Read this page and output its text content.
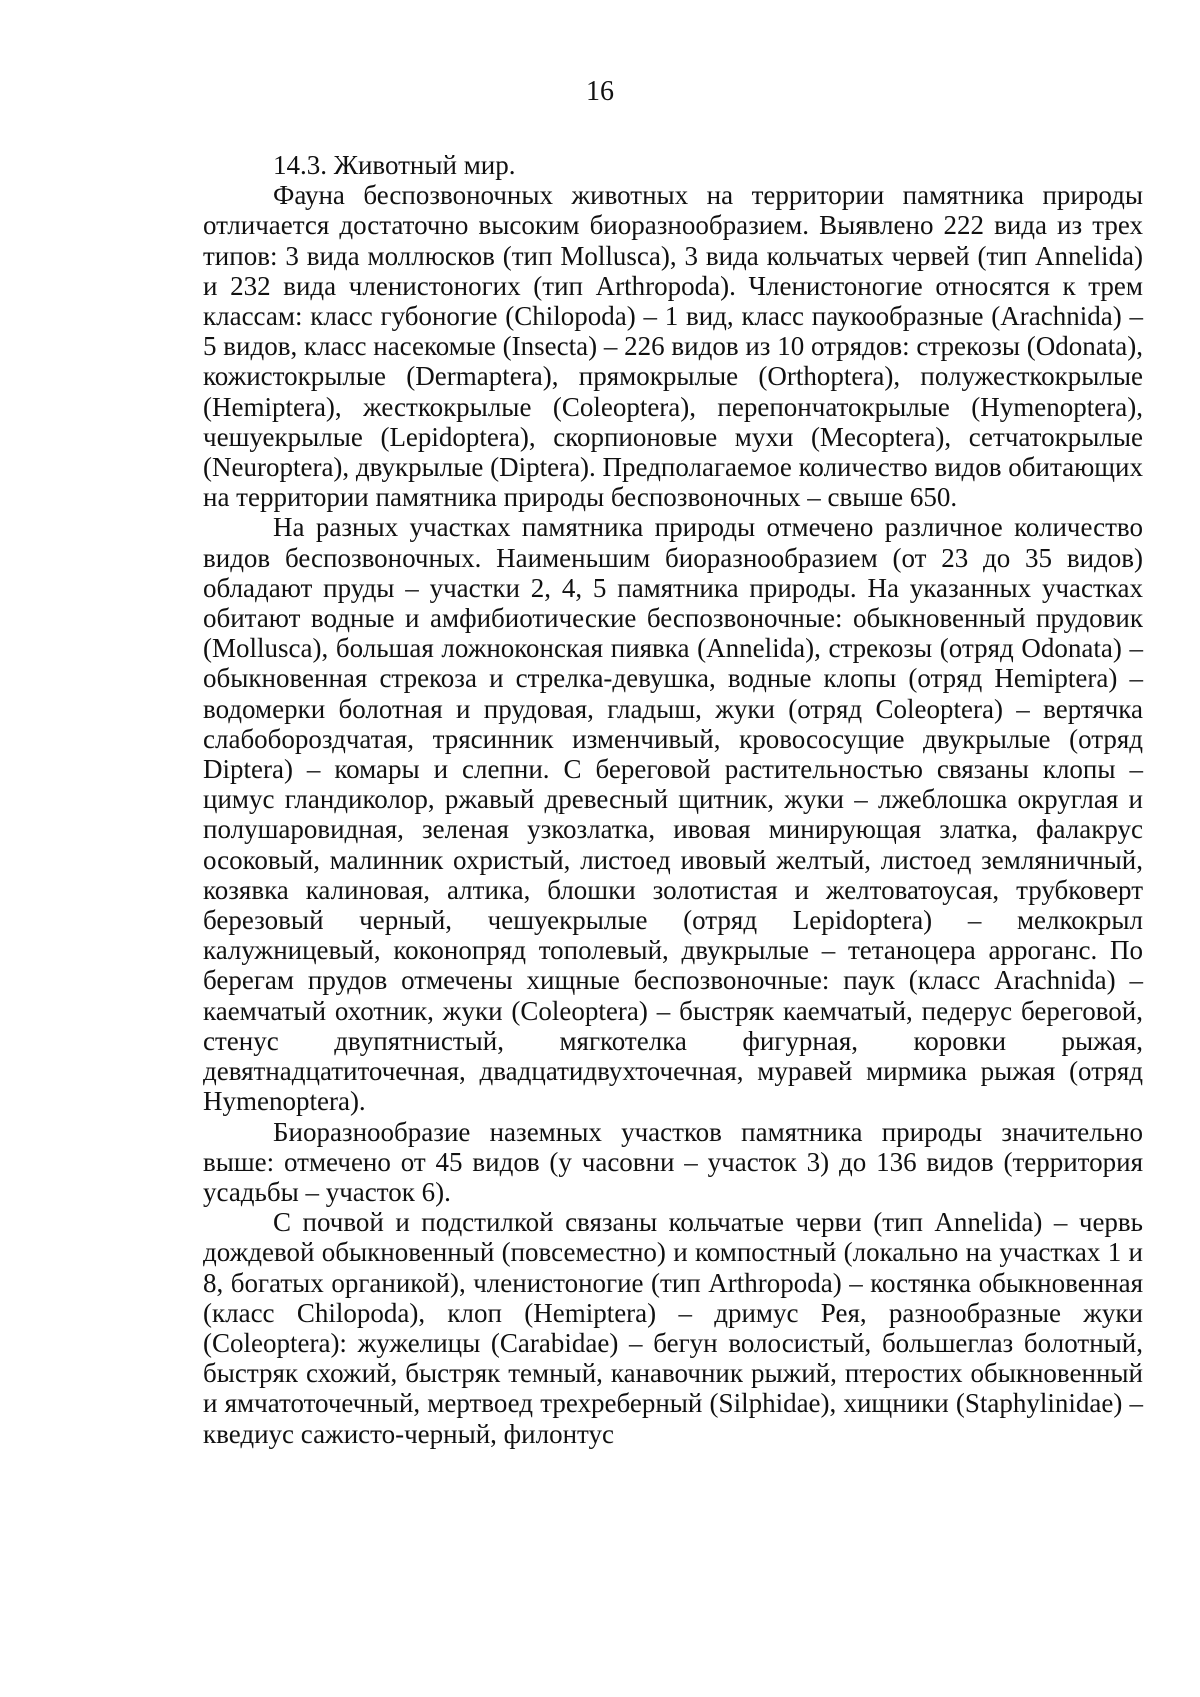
16
14.3. Животный мир.

Фауна беспозвоночных животных на территории памятника природы отличается достаточно высоким биоразнообразием. Выявлено 222 вида из трех типов: 3 вида моллюсков (тип Mollusca), 3 вида кольчатых червей (тип Annelida) и 232 вида членистоногих (тип Arthropoda). Членистоногие относятся к трем классам: класс губоногие (Chilopoda) – 1 вид, класс паукообразные (Arachnida) – 5 видов, класс насекомые (Insecta) – 226 видов из 10 отрядов: стрекозы (Odonata), кожистокрылые (Dermaptera), прямокрылые (Orthoptera), полужесткокрылые (Hemiptera), жесткокрылые (Coleoptera), перепончатокрылые (Hymenoptera), чешуекрылые (Lepidoptera), скорпионовые мухи (Mecoptera), сетчатокрылые (Neuroptera), двукрылые (Diptera). Предполагаемое количество видов обитающих на территории памятника природы беспозвоночных – свыше 650.

На разных участках памятника природы отмечено различное количество видов беспозвоночных. Наименьшим биоразнообразием (от 23 до 35 видов) обладают пруды – участки 2, 4, 5 памятника природы. На указанных участках обитают водные и амфибиотические беспозвоночные: обыкновенный прудовик (Mollusca), большая ложноконская пиявка (Annelida), стрекозы (отряд Odonata) – обыкновенная стрекоза и стрелка-девушка, водные клопы (отряд Hemiptera) – водомерки болотная и прудовая, гладыш, жуки (отряд Coleoptera) – вертячка слабобороздчатая, трясинник изменчивый, кровососущие двукрылые (отряд Diptera) – комары и слепни. С береговой растительностью связаны клопы – цимус гландиколор, ржавый древесный щитник, жуки – лжеблошка округлая и полушаровидная, зеленая узкозлатка, ивовая минирующая златка, фалакрус осоковый, малинник охристый, листоед ивовый желтый, листоед земляничный, козявка калиновая, алтика, блошки золотистая и желтоватоусая, трубковерт березовый черный, чешуекрылые (отряд Lepidoptera) – мелкокрыл калужницевый, коконопряд тополевый, двукрылые – тетаноцера арроганс. По берегам прудов отмечены хищные беспозвоночные: паук (класс Arachnida) – каемчатый охотник, жуки (Coleoptera) – быстряк каемчатый, педерус береговой, стенус двупятнистый, мягкотелка фигурная, коровки рыжая, девятнадцатиточечная, двадцатидвухточечная, муравей мирмика рыжая (отряд Hymenoptera).

Биоразнообразие наземных участков памятника природы значительно выше: отмечено от 45 видов (у часовни – участок 3) до 136 видов (территория усадьбы – участок 6).

С почвой и подстилкой связаны кольчатые черви (тип Annelida) – червь дождевой обыкновенный (повсеместно) и компостный (локально на участках 1 и 8, богатых органикой), членистоногие (тип Arthropoda) – костянка обыкновенная (класс Chilopoda), клоп (Hemiptera) – дримус Рея, разнообразные жуки (Coleoptera): жужелицы (Carabidae) – бегун волосистый, большеглаз болотный, быстряк схожий, быстряк темный, канавочник рыжий, птеростих обыкновенный и ямчатоточечный, мертвоед трехреберный (Silphidae), хищники (Staphylinidae) – кведиус сажисто-черный, филонтус
